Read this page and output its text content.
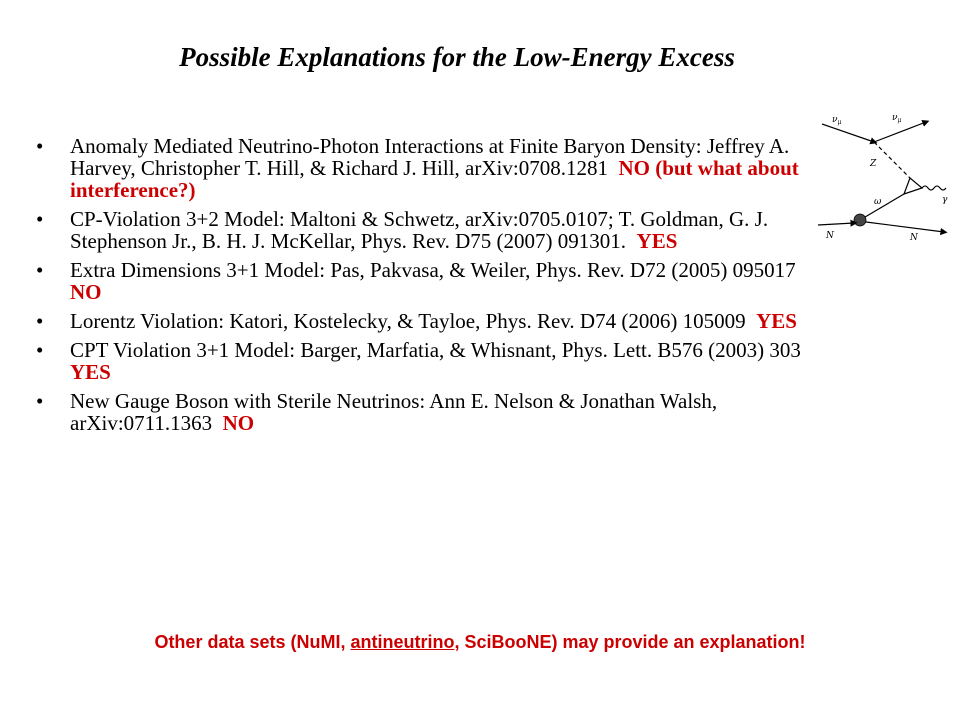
Possible Explanations for the Low-Energy Excess
• Anomaly Mediated Neutrino-Photon Interactions at Finite Baryon Density: Jeffrey A. Harvey, Christopher T. Hill, & Richard J. Hill, arXiv:0708.1281 NO (but what about interference?)
• CP-Violation 3+2 Model: Maltoni & Schwetz, arXiv:0705.0107; T. Goldman, G. J. Stephenson Jr., B. H. J. McKellar, Phys. Rev. D75 (2007) 091301. YES
• Extra Dimensions 3+1 Model: Pas, Pakvasa, & Weiler, Phys. Rev. D72 (2005) 095017  NO
• Lorentz Violation: Katori, Kostelecky, & Tayloe, Phys. Rev. D74 (2006) 105009 YES
• CPT Violation 3+1 Model: Barger, Marfatia, & Whisnant, Phys. Lett. B576 (2003) 303  YES
• New Gauge Boson with Sterile Neutrinos: Ann E. Nelson & Jonathan Walsh, arXiv:0711.1363 NO
$\nu_\mu$	$\nu_\mu$
Z
γ
ω
N	N
Other data sets (NuMI, antineutrino, SciBooNE) may provide an explanation!
